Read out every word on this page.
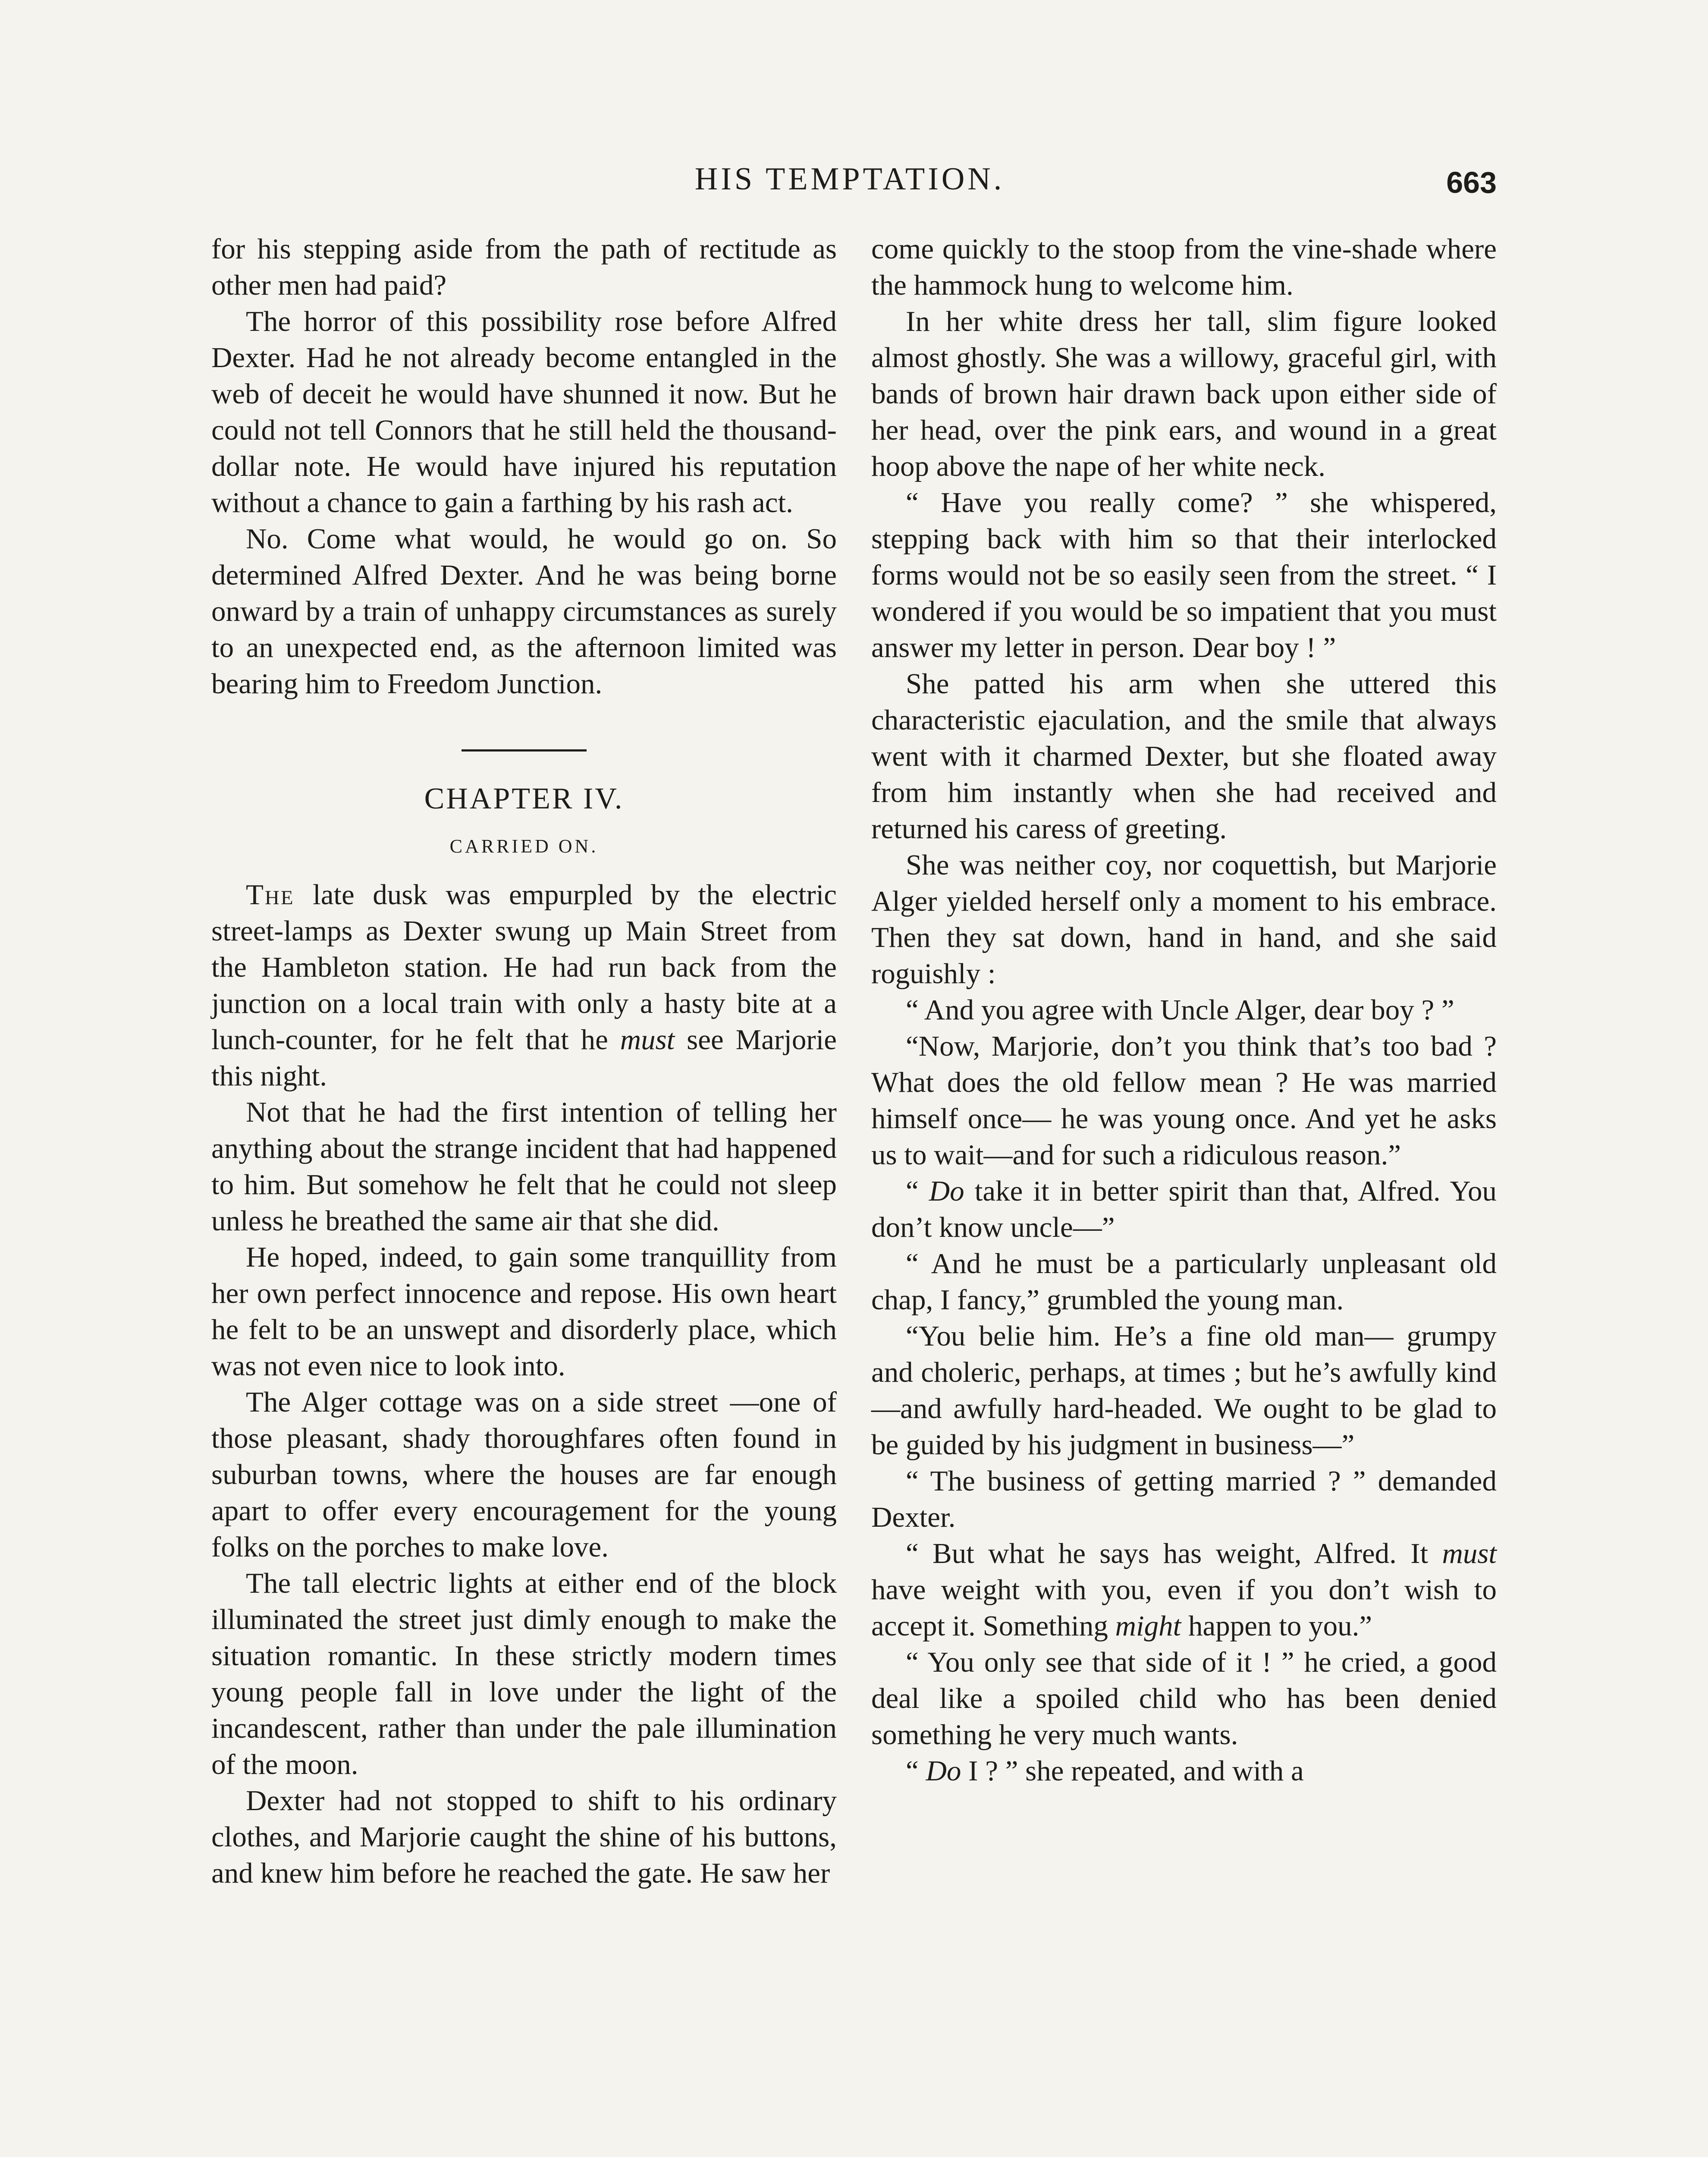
HIS TEMPTATION.	663

for his stepping aside from the path of rectitude as other men had paid?

The horror of this possibility rose before Alfred Dexter. Had he not already become entangled in the web of deceit he would have shunned it now. But he could not tell Connors that he still held the thousand-dollar note. He would have injured his reputation without a chance to gain a farthing by his rash act.

No. Come what would, he would go on. So determined Alfred Dexter. And he was being borne onward by a train of unhappy circumstances as surely to an unexpected end, as the afternoon limited was bearing him to Freedom Junction.

CHAPTER IV.
CARRIED ON.

The late dusk was empurpled by the electric street-lamps as Dexter swung up Main Street from the Hambleton station. He had run back from the junction on a local train with only a hasty bite at a lunch-counter, for he felt that he must see Marjorie this night.

Not that he had the first intention of telling her anything about the strange incident that had happened to him. But somehow he felt that he could not sleep unless he breathed the same air that she did.

He hoped, indeed, to gain some tranquillity from her own perfect innocence and repose. His own heart he felt to be an unswept and disorderly place, which was not even nice to look into.

The Alger cottage was on a side street —one of those pleasant, shady thoroughfares often found in suburban towns, where the houses are far enough apart to offer every encouragement for the young folks on the porches to make love.

The tall electric lights at either end of the block illuminated the street just dimly enough to make the situation romantic. In these strictly modern times young people fall in love under the light of the incandescent, rather than under the pale illumination of the moon.

Dexter had not stopped to shift to his ordinary clothes, and Marjorie caught the shine of his buttons, and knew him before he reached the gate. He saw her

come quickly to the stoop from the vine-shade where the hammock hung to welcome him.

In her white dress her tall, slim figure looked almost ghostly. She was a willowy, graceful girl, with bands of brown hair drawn back upon either side of her head, over the pink ears, and wound in a great hoop above the nape of her white neck.

“ Have you really come? ” she whispered, stepping back with him so that their interlocked forms would not be so easily seen from the street. “ I wondered if you would be so impatient that you must answer my letter in person. Dear boy ! ”

She patted his arm when she uttered this characteristic ejaculation, and the smile that always went with it charmed Dexter, but she floated away from him instantly when she had received and returned his caress of greeting.

She was neither coy, nor coquettish, but Marjorie Alger yielded herself only a moment to his embrace. Then they sat down, hand in hand, and she said roguishly :

“ And you agree with Uncle Alger, dear boy ? ”

“Now, Marjorie, don’t you think that’s too bad ? What does the old fellow mean ? He was married himself once— he was young once. And yet he asks us to wait—and for such a ridiculous reason.”

“ Do take it in better spirit than that, Alfred. You don’t know uncle—”

“ And he must be a particularly unpleasant old chap, I fancy,” grumbled the young man.

“You belie him. He’s a fine old man— grumpy and choleric, perhaps, at times ; but he’s awfully kind—and awfully hard-headed. We ought to be glad to be guided by his judgment in business—”

“ The business of getting married ? ” demanded Dexter.

“ But what he says has weight, Alfred. It must have weight with you, even if you don’t wish to accept it. Something might happen to you.”

“ You only see that side of it ! ” he cried, a good deal like a spoiled child who has been denied something he very much wants.

“ Do I ? ” she repeated, and with a
